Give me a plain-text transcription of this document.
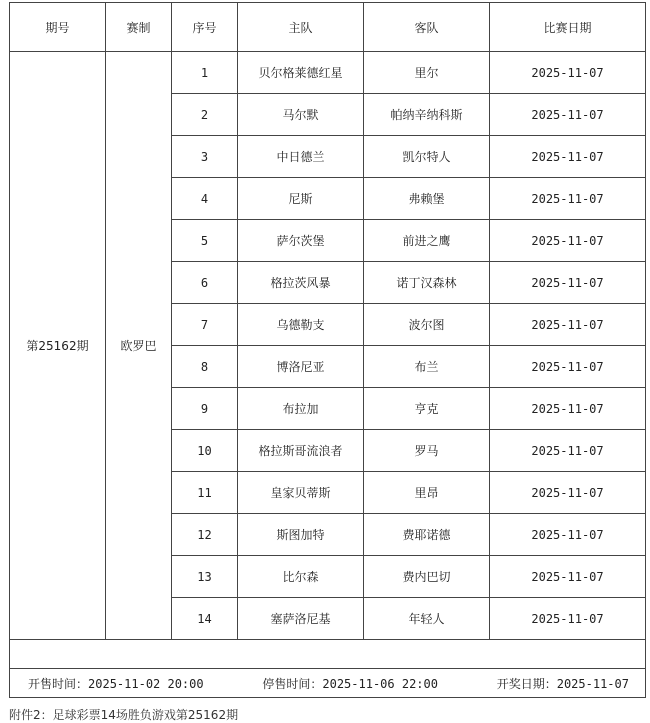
期号	赛制	序号	主队	客队	比赛日期
第25162期	欧罗巴	1	贝尔格莱德红星	里尔	2025-11-07
		2	马尔默	帕纳辛纳科斯	2025-11-07
		3	中日德兰	凯尔特人	2025-11-07
		4	尼斯	弗赖堡	2025-11-07
		5	萨尔茨堡	前进之鹰	2025-11-07
		6	格拉茨风暴	诺丁汉森林	2025-11-07
		7	乌德勒支	波尔图	2025-11-07
		8	博洛尼亚	布兰	2025-11-07
		9	布拉加	亨克	2025-11-07
		10	格拉斯哥流浪者	罗马	2025-11-07
		11	皇家贝蒂斯	里昂	2025-11-07
		12	斯图加特	费耶诺德	2025-11-07
		13	比尔森	费内巴切	2025-11-07
		14	塞萨洛尼基	年轻人	2025-11-07

开售时间：2025-11-02 20:00 停售时间：2025-11-06 22:00 开奖日期：2025-11-07					
附件2：足球彩票14场胜负游戏第25162期
